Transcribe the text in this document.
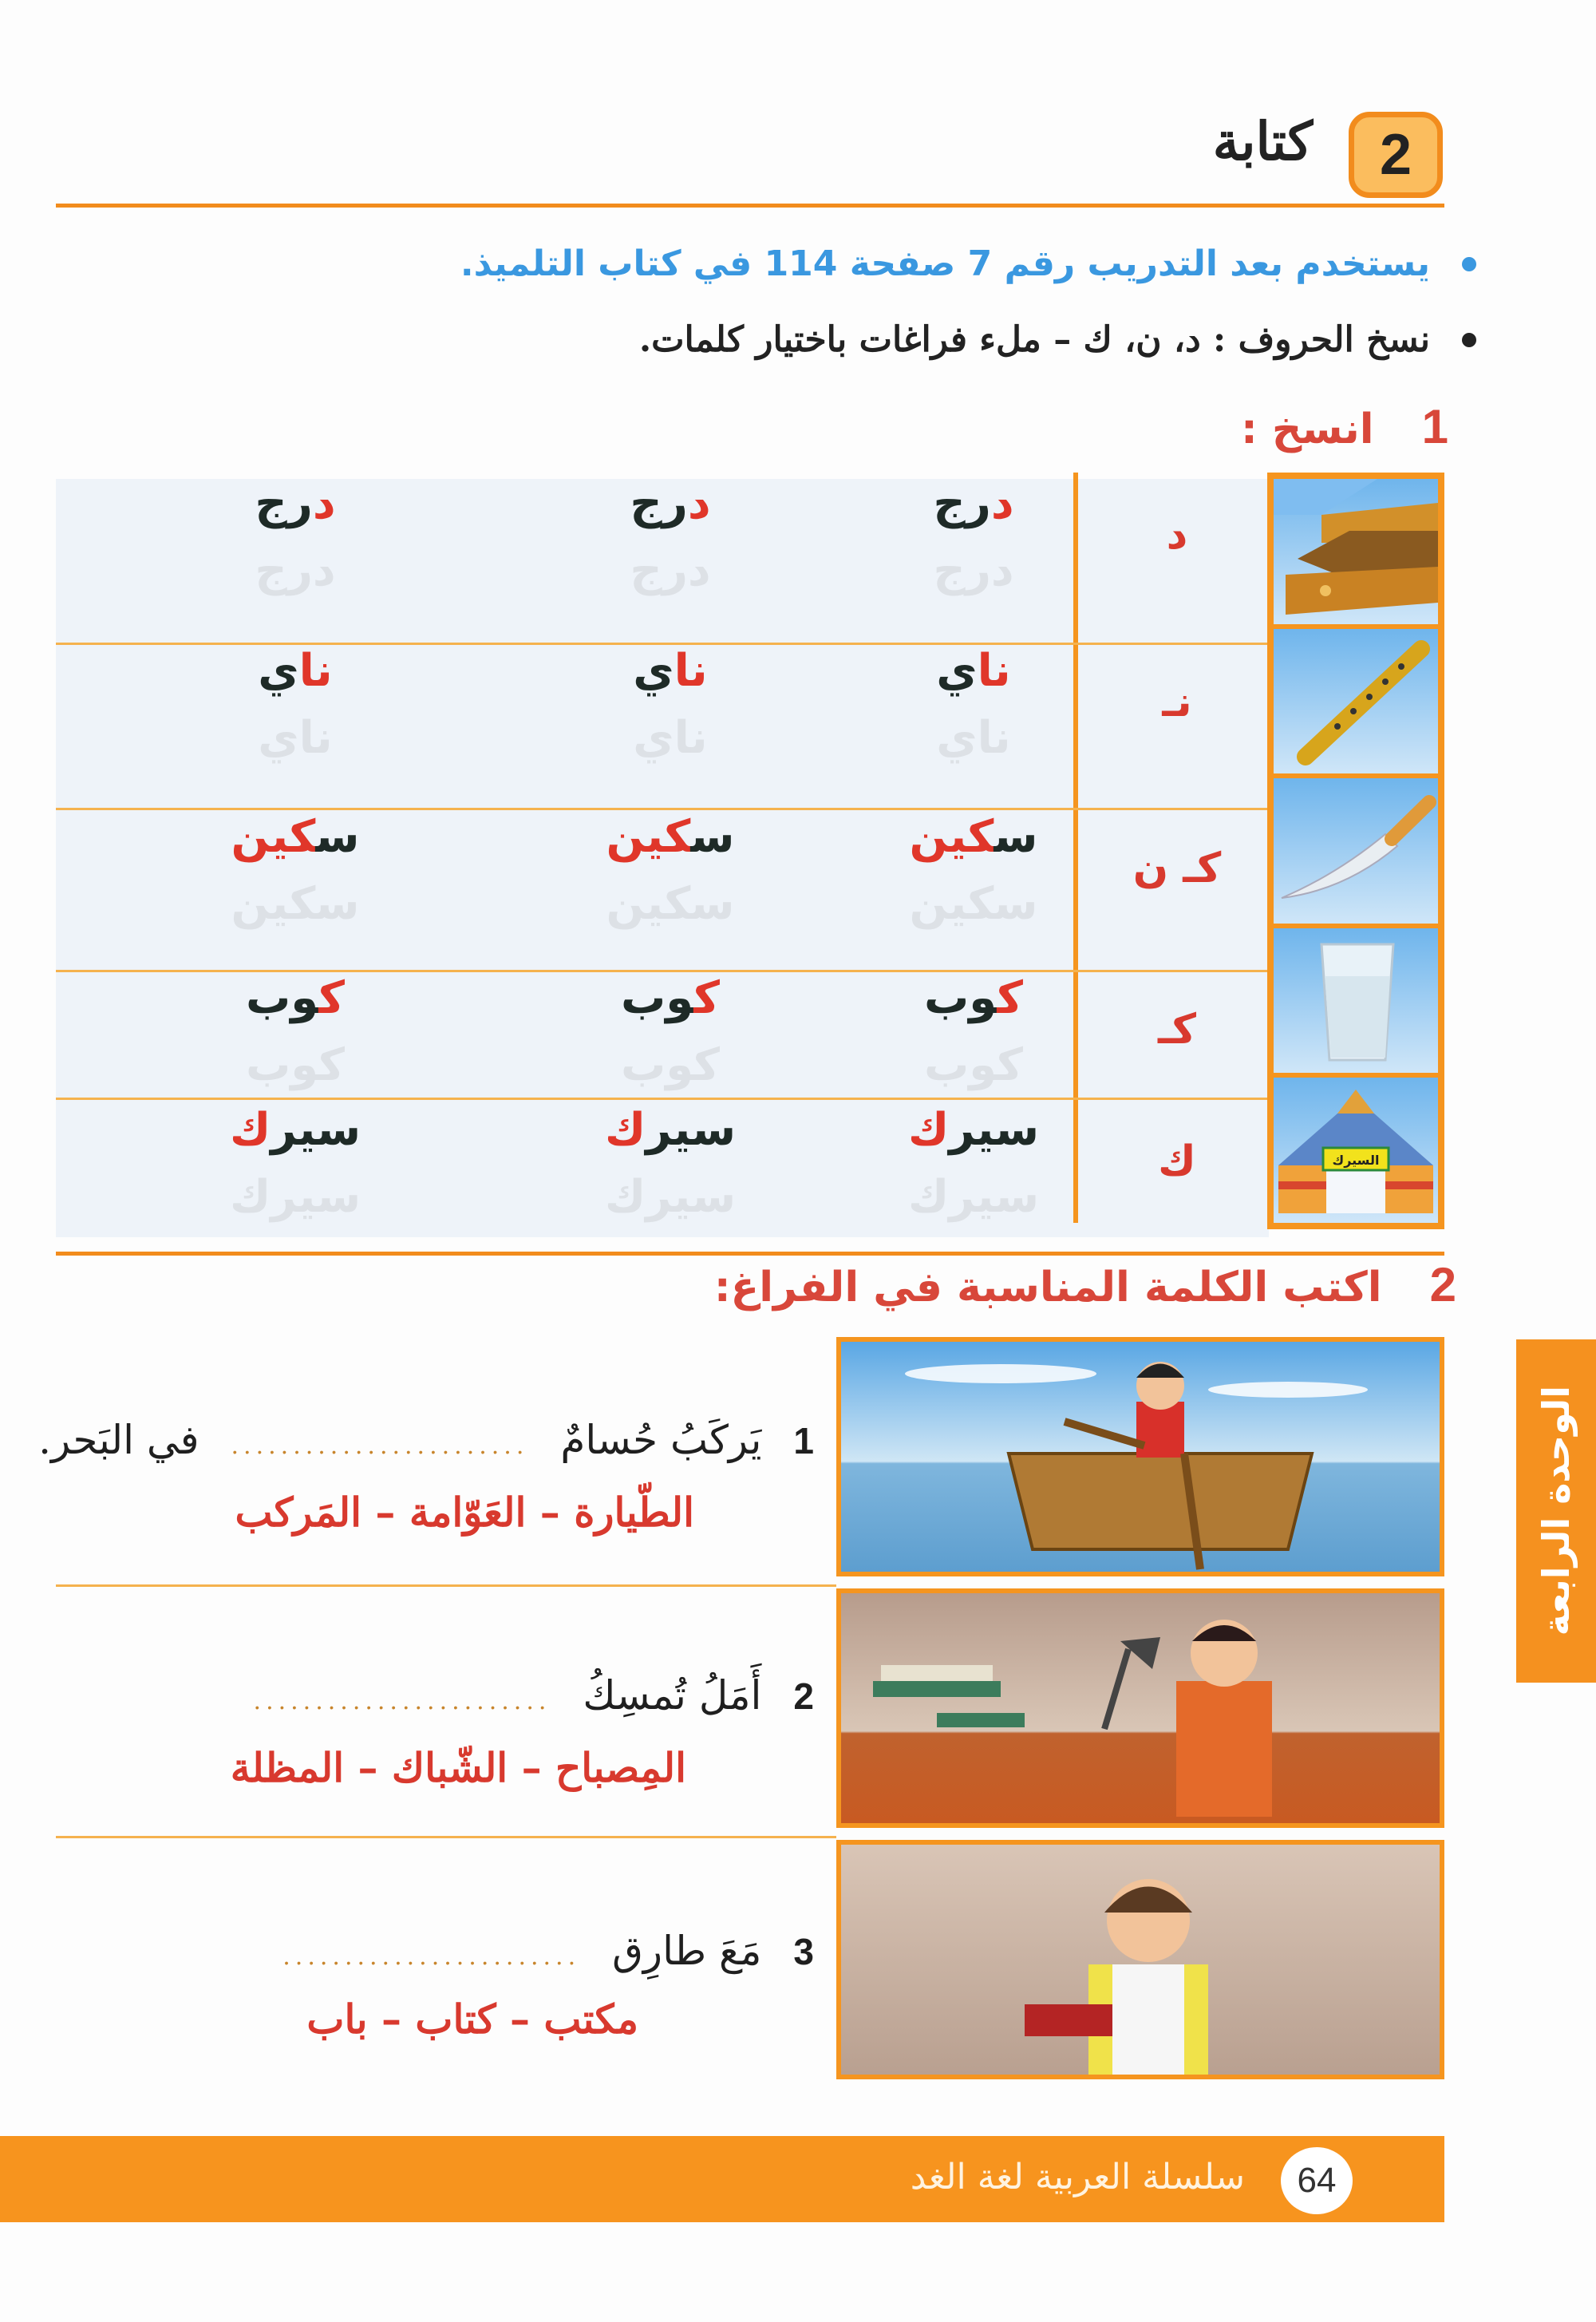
2
كتابة
يستخدم بعد التدريب رقم 7 صفحة 114 في كتاب التلميذ.
نسخ الحروف : د، ن، ك – ملء فراغات باختيار كلمات.
1
انسخ :
السيرك
د
درج
درج
درج
درج
درج
درج
نـ
ناي
ناي
ناي
ناي
ناي
ناي
كـ ن
سكين
سكين
سكين
سكين
سكين
سكين
كـ
كوب
كوب
كوب
كوب
كوب
كوب
ك
سيرك
سيرك
سيرك
سيرك
سيرك
سيرك
2
اكتب الكلمة المناسبة في الفراغ:
1
يَركَبُ حُسامٌ
........................
في البَحر.
الطّيارة – العَوّامة – المَركب
2
أَمَلُ تُمسِكُ
........................
المِصباح – الشّباك – المظلة
3
مَعَ طارِق
........................
مكتب – كتاب – باب
الوحدة الرابعة
64
سلسلة العربية لغة الغد
